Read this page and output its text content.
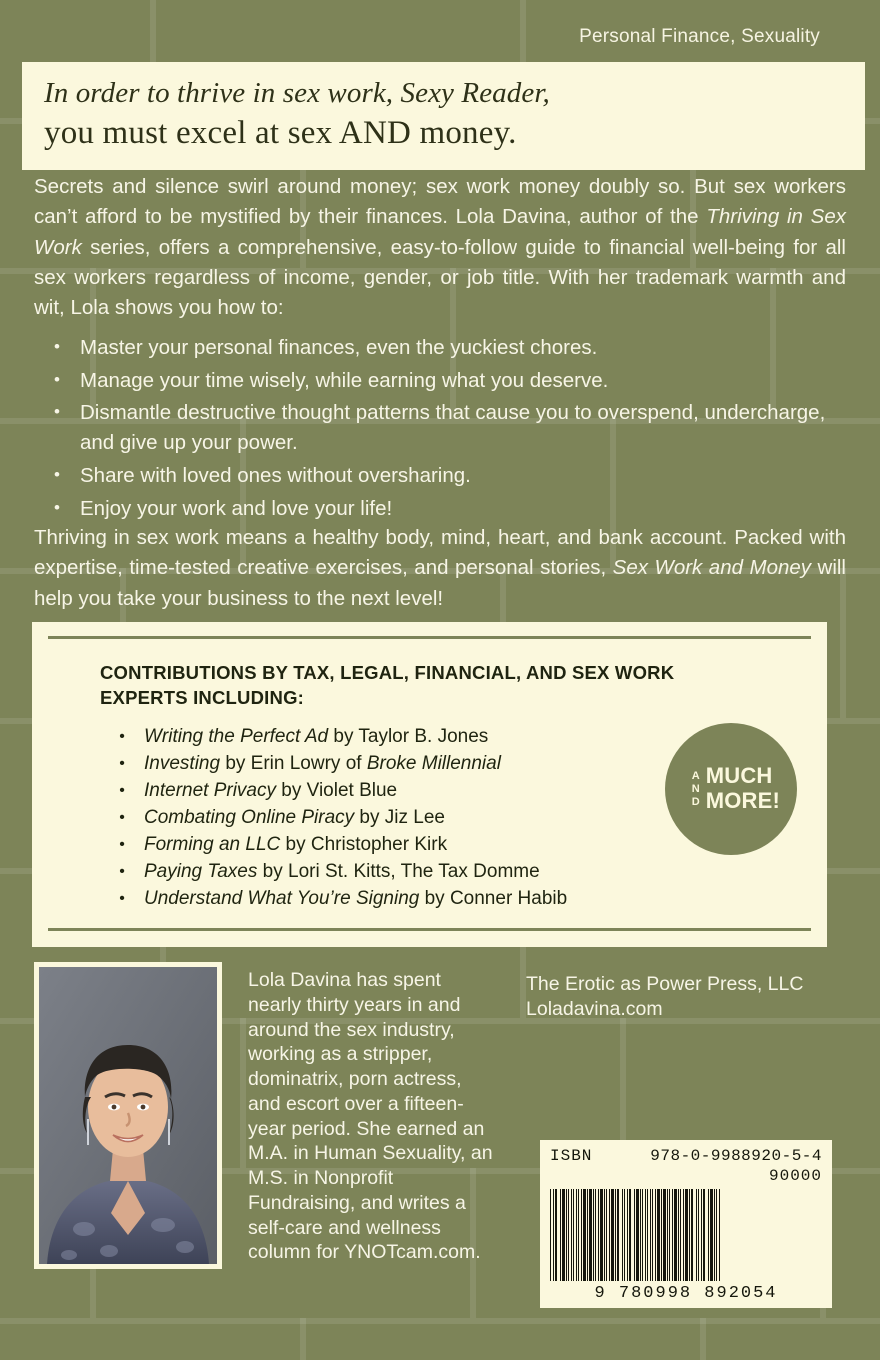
Personal Finance, Sexuality
In order to thrive in sex work, Sexy Reader,
you must excel at sex AND money.

Secrets and silence swirl around money; sex work money doubly so. But sex workers can’t afford to be mystified by their finances. Lola Davina, author of the Thriving in Sex Work series, offers a comprehensive, easy-to-follow guide to financial well-being for all sex workers regardless of income, gender, or job title. With her trademark warmth and wit, Lola shows you how to:

• Master your personal finances, even the yuckiest chores.
• Manage your time wisely, while earning what you deserve.
• Dismantle destructive thought patterns that cause you to overspend, undercharge, and give up your power.
• Share with loved ones without oversharing.
• Enjoy your work and love your life!

Thriving in sex work means a healthy body, mind, heart, and bank account. Packed with expertise, time-tested creative exercises, and personal stories, Sex Work and Money will help you take your business to the next level!

CONTRIBUTIONS BY TAX, LEGAL, FINANCIAL, AND SEX WORK EXPERTS INCLUDING:
•	Writing the Perfect Ad by Taylor B. Jones
•	Investing by Erin Lowry of Broke Millennial
•	Internet Privacy by Violet Blue
•	Combating Online Piracy by Jiz Lee
•	Forming an LLC by Christopher Kirk
•	Paying Taxes by Lori St. Kitts, The Tax Domme
•	Understand What You’re Signing by Conner Habib
AND MUCH
MORE!

Lola Davina has spent nearly thirty years in and around the sex industry, working as a stripper, dominatrix, porn actress, and escort over a fifteen-year period. She earned an M.A. in Human Sexuality, an M.S. in Nonprofit Fundraising, and writes a self-care and wellness column for YNOTcam.com.

The Erotic as Power Press, LLC

Loladavina.com

ISBN	978-0-9988920-5-4
90000
9 780998 892054
